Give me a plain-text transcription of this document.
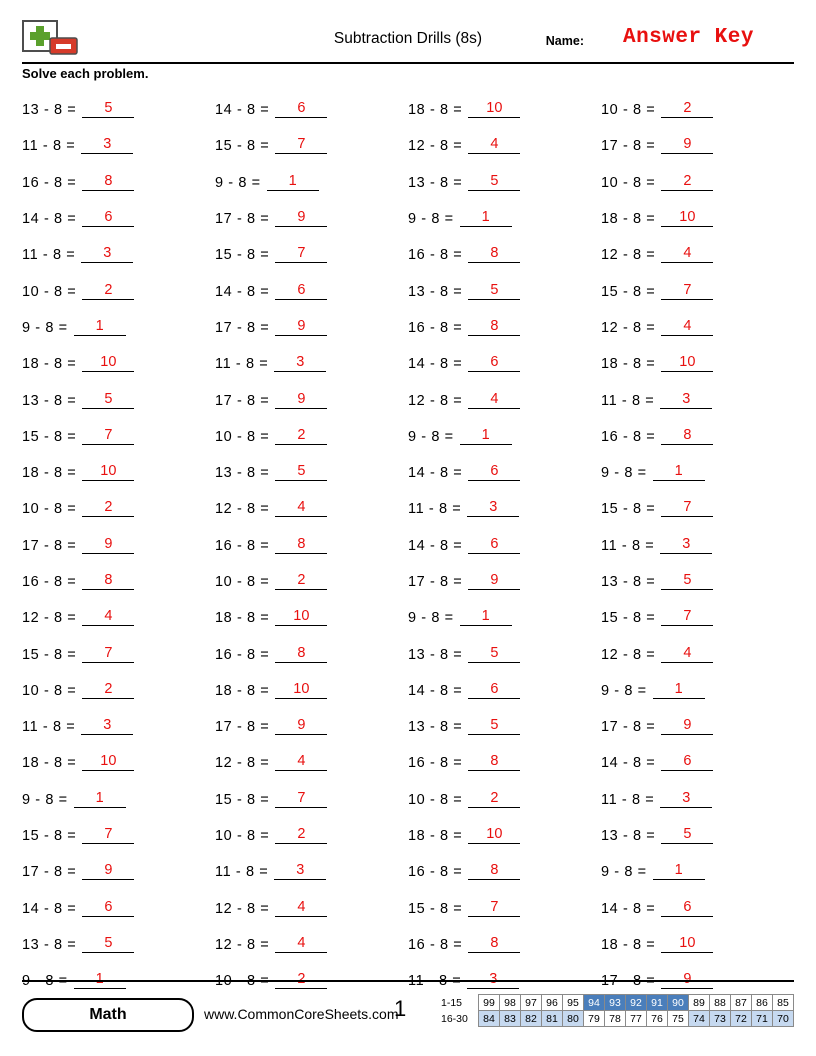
Subtraction Drills (8s)	Name: Answer Key
Solve each problem.
13 - 8 =	5	14 - 8 =	6	18 - 8 =	10	10 - 8 =	2
11 - 8 =	3	15 - 8 =	7	12 - 8 =	4	17 - 8 =	9
16 - 8 =	8	9 - 8 =	1	13 - 8 =	5	10 - 8 =	2
14 - 8 =	6	17 - 8 =	9	9 - 8 =	1	18 - 8 =	10
11 - 8 =	3	15 - 8 =	7	16 - 8 =	8	12 - 8 =	4
10 - 8 =	2	14 - 8 =	6	13 - 8 =	5	15 - 8 =	7
9 - 8 =	1	17 - 8 =	9	16 - 8 =	8	12 - 8 =	4
18 - 8 =	10	11 - 8 =	3	14 - 8 =	6	18 - 8 =	10
13 - 8 =	5	17 - 8 =	9	12 - 8 =	4	11 - 8 =	3
15 - 8 =	7	10 - 8 =	2	9 - 8 =	1	16 - 8 =	8
18 - 8 =	10	13 - 8 =	5	14 - 8 =	6	9 - 8 =	1
10 - 8 =	2	12 - 8 =	4	11 - 8 =	3	15 - 8 =	7
17 - 8 =	9	16 - 8 =	8	14 - 8 =	6	11 - 8 =	3
16 - 8 =	8	10 - 8 =	2	17 - 8 =	9	13 - 8 =	5
12 - 8 =	4	18 - 8 =	10	9 - 8 =	1	15 - 8 =	7
15 - 8 =	7	16 - 8 =	8	13 - 8 =	5	12 - 8 =	4
10 - 8 =	2	18 - 8 =	10	14 - 8 =	6	9 - 8 =	1
11 - 8 =	3	17 - 8 =	9	13 - 8 =	5	17 - 8 =	9
18 - 8 =	10	12 - 8 =	4	16 - 8 =	8	14 - 8 =	6
9 - 8 =	1	15 - 8 =	7	10 - 8 =	2	11 - 8 =	3
15 - 8 =	7	10 - 8 =	2	18 - 8 =	10	13 - 8 =	5
17 - 8 =	9	11 - 8 =	3	16 - 8 =	8	9 - 8 =	1
14 - 8 =	6	12 - 8 =	4	15 - 8 =	7	14 - 8 =	6
13 - 8 =	5	12 - 8 =	4	16 - 8 =	8	18 - 8 =	10
9 - 8 =	1	10 - 8 =	2	11 - 8 =	3	17 - 8 =	9
Math	www.CommonCoreSheets.com
1	1-15	99	98	97	96	95	94	93	92	91	90	89	88	87	86	85
16-30	84	83	82	81	80	79	78	77	76	75	74	73	72	71	70
